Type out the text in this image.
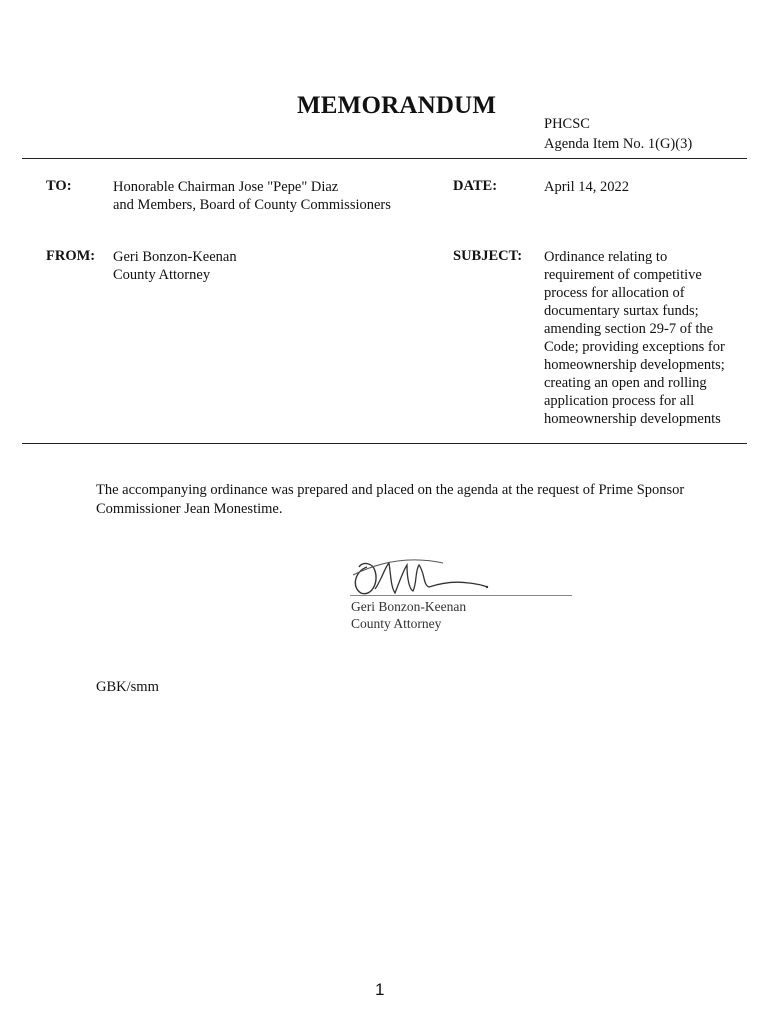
MEMORANDUM
PHCSC
Agenda Item No. 1(G)(3)
TO:	Honorable Chairman Jose "Pepe" Diaz
and Members, Board of County Commissioners
DATE:	April 14, 2022
FROM: Geri Bonzon-Keenan
County Attorney
SUBJECT: Ordinance relating to
requirement of competitive
process for allocation of
documentary surtax funds;
amending section 29-7 of the
Code; providing exceptions for
homeownership developments;
creating an open and rolling
application process for all
homeownership developments
The accompanying ordinance was prepared and placed on the agenda at the request of Prime Sponsor Commissioner Jean Monestime.
Geri Bonzon-Keenan
County Attorney
GBK/smm
1
